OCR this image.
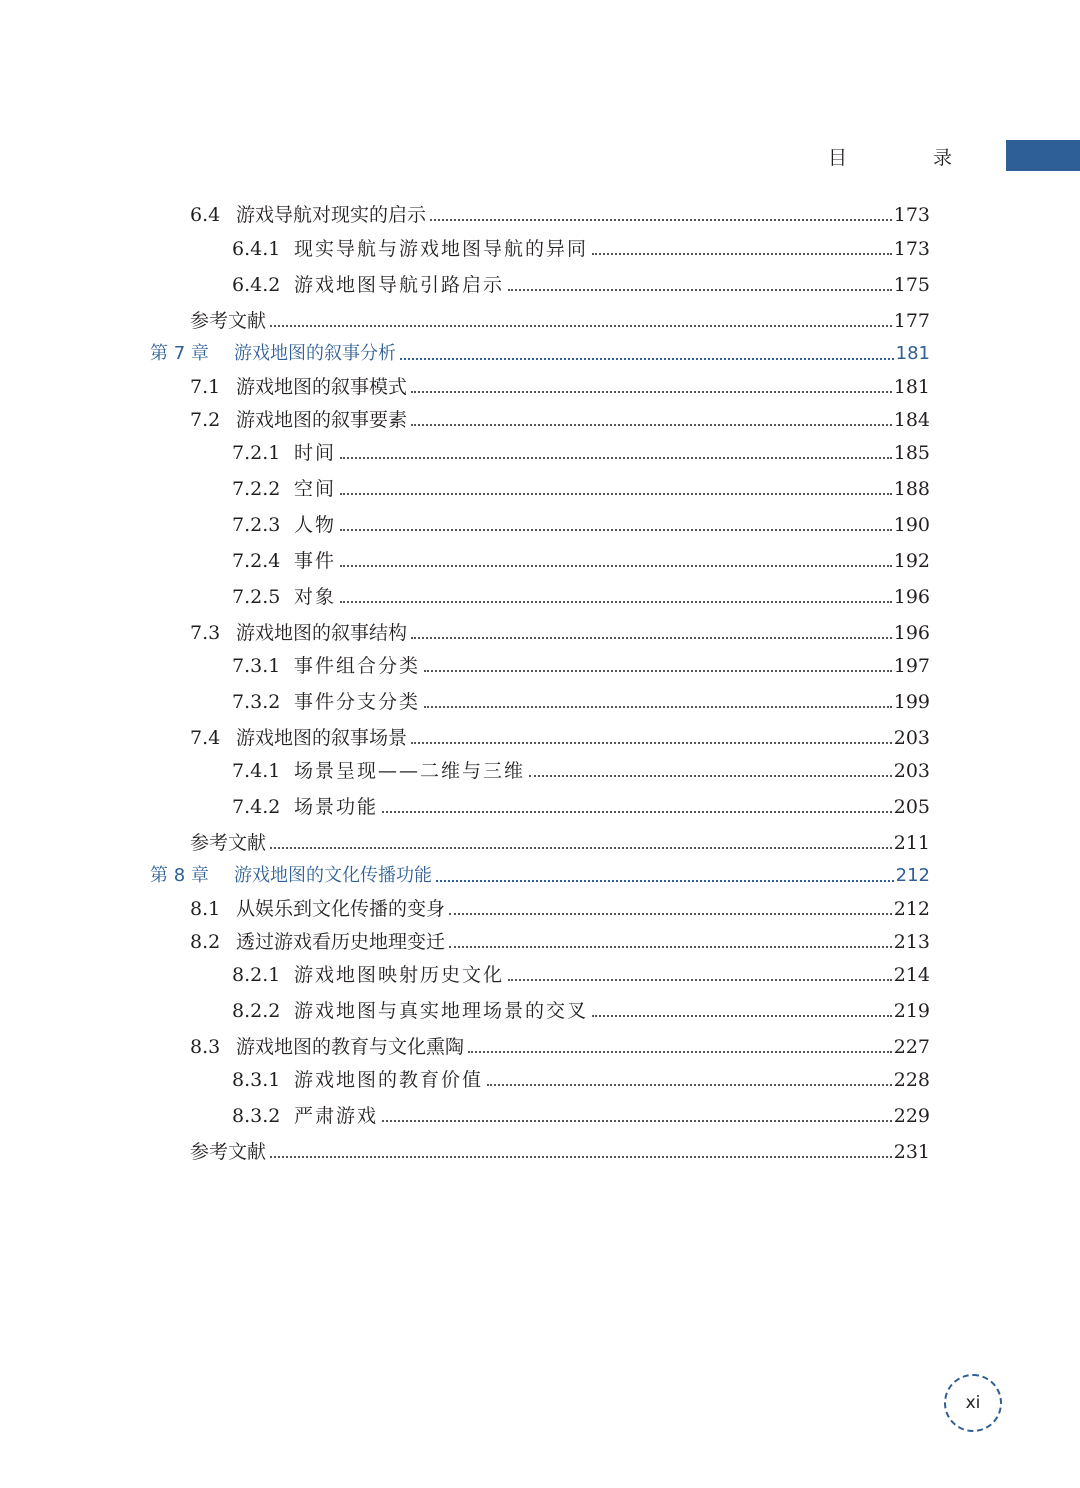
目 录
6.4 游戏导航对现实的启示	173
6.4.1 现实导航与游戏地图导航的异同	173
6.4.2 游戏地图导航引路启示	175
参考文献	177
第 7 章	游戏地图的叙事分析	181
7.1 游戏地图的叙事模式	181
7.2 游戏地图的叙事要素	184
7.2.1 时间	185
7.2.2 空间	188
7.2.3 人物	190
7.2.4 事件	192
7.2.5 对象	196
7.3 游戏地图的叙事结构	196
7.3.1 事件组合分类	197
7.3.2 事件分支分类	199
7.4 游戏地图的叙事场景	203
7.4.1 场景呈现——二维与三维	203
7.4.2 场景功能	205
参考文献	211
第 8 章	游戏地图的文化传播功能	212
8.1 从娱乐到文化传播的变身	212
8.2 透过游戏看历史地理变迁	213
8.2.1 游戏地图映射历史文化	214
8.2.2 游戏地图与真实地理场景的交叉	219
8.3 游戏地图的教育与文化熏陶	227
8.3.1 游戏地图的教育价值	228
8.3.2 严肃游戏	229
参考文献	231
xi
